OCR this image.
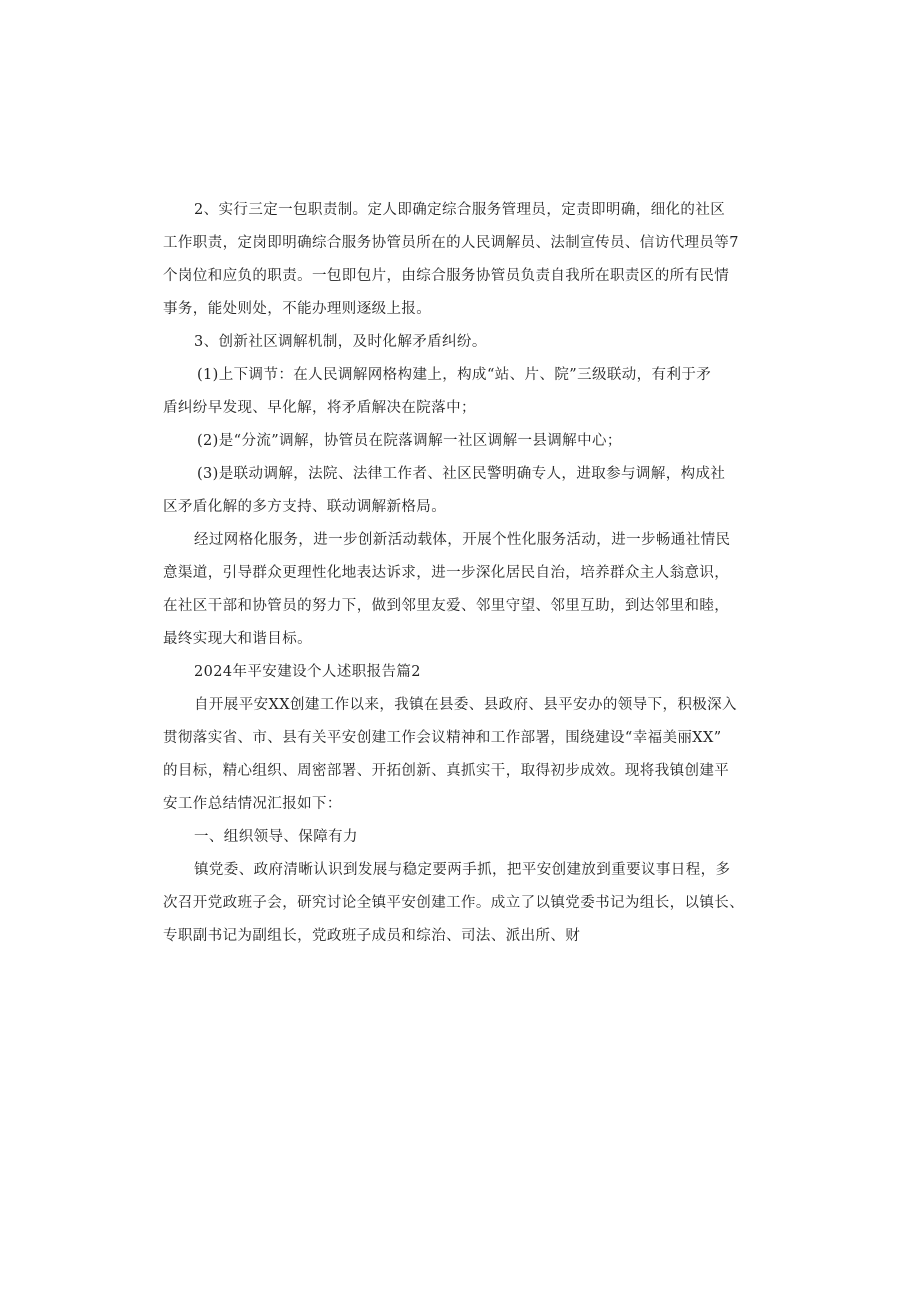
2、实行三定一包职责制。定人即确定综合服务管理员，定责即明确，细化的社区
工作职责，定岗即明确综合服务协管员所在的人民调解员、法制宣传员、信访代理员等7
个岗位和应负的职责。一包即包片，由综合服务协管员负责自我所在职责区的所有民情
事务，能处则处，不能办理则逐级上报。
3、创新社区调解机制，及时化解矛盾纠纷。
(1)上下调节：在人民调解网格构建上，构成“站、片、院”三级联动，有利于矛
盾纠纷早发现、早化解，将矛盾解决在院落中；
(2)是“分流”调解，协管员在院落调解一社区调解一县调解中心；
(3)是联动调解，法院、法律工作者、社区民警明确专人，进取参与调解，构成社
区矛盾化解的多方支持、联动调解新格局。
经过网格化服务，进一步创新活动载体，开展个性化服务活动，进一步畅通社情民
意渠道，引导群众更理性化地表达诉求，进一步深化居民自治，培养群众主人翁意识，
在社区干部和协管员的努力下，做到邻里友爱、邻里守望、邻里互助，到达邻里和睦，
最终实现大和谐目标。
2024年平安建设个人述职报告篇2
自开展平安XX创建工作以来，我镇在县委、县政府、县平安办的领导下，积极深入
贯彻落实省、市、县有关平安创建工作会议精神和工作部署，围绕建设“幸福美丽XX”
的目标，精心组织、周密部署、开拓创新、真抓实干，取得初步成效。现将我镇创建平
安工作总结情况汇报如下：
一、组织领导、保障有力
镇党委、政府清晰认识到发展与稳定要两手抓，把平安创建放到重要议事日程，多
次召开党政班子会，研究讨论全镇平安创建工作。成立了以镇党委书记为组长，以镇长、
专职副书记为副组长，党政班子成员和综治、司法、派出所、财
